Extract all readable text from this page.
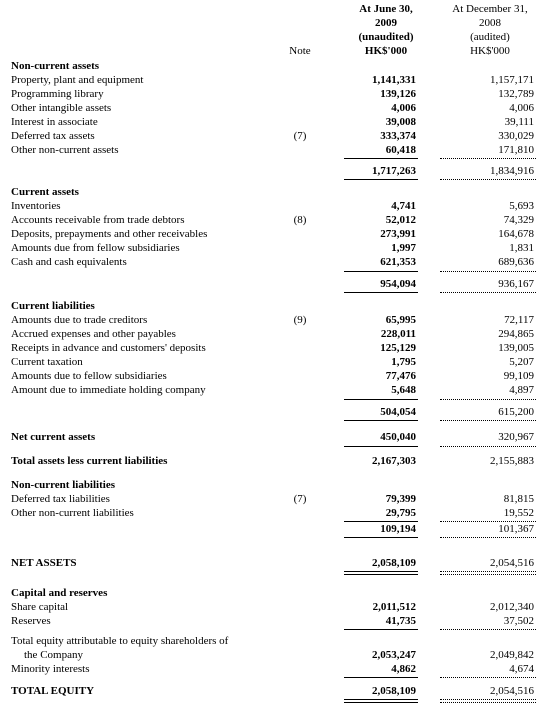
At June 30,
2009
(unaudited)
HK$'000
At December 31,
2008
(audited)
HK$'000
Note
Non-current assets
Property, plant and equipment	1,141,331	1,157,171
Programming library	139,126	132,789
Other intangible assets	4,006	4,006
Interest in associate	39,008	39,111
Deferred tax assets	(7)	333,374	330,029
Other non-current assets	60,418	171,810
1,717,263	1,834,916
Current assets
Inventories	4,741	5,693
Accounts receivable from trade debtors	(8)	52,012	74,329
Deposits, prepayments and other receivables	273,991	164,678
Amounts due from fellow subsidiaries	1,997	1,831
Cash and cash equivalents	621,353	689,636
954,094	936,167
Current liabilities
Amounts due to trade creditors	(9)	65,995	72,117
Accrued expenses and other payables	228,011	294,865
Receipts in advance and customers' deposits	125,129	139,005
Current taxation	1,795	5,207
Amounts due to fellow subsidiaries	77,476	99,109
Amount due to immediate holding company	5,648	4,897
504,054	615,200
Net current assets	450,040	320,967
Total assets less current liabilities	2,167,303	2,155,883
Non-current liabilities
Deferred tax liabilities	(7)	79,399	81,815
Other non-current liabilities	29,795	19,552
109,194	101,367
NET ASSETS	2,058,109	2,054,516
Capital and reserves
Share capital	2,011,512	2,012,340
Reserves	41,735	37,502
Total equity attributable to equity shareholders of
the Company	2,053,247	2,049,842
Minority interests	4,862	4,674
TOTAL EQUITY	2,058,109	2,054,516
